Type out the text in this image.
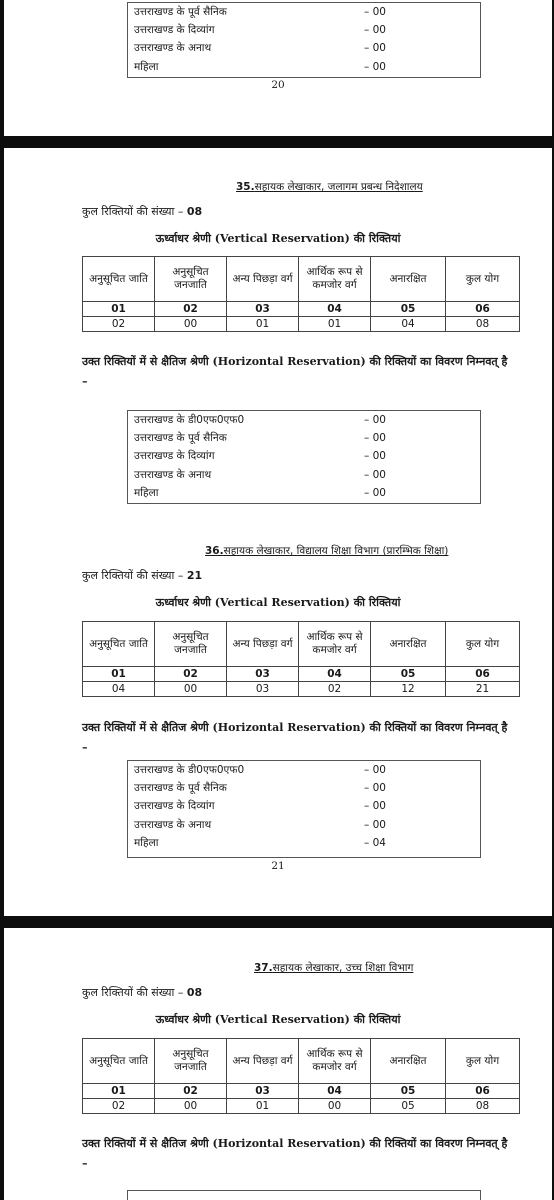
उत्तराखण्ड के पूर्व सैनिक	– 00
उत्तराखण्ड के दिव्यांग	– 00
उत्तराखण्ड के अनाथ	– 00
महिला	– 00
20
35.सहायक लेखाकार, जलागम प्रबन्ध निदेशालय
कुल रिक्तियों की संख्या – 08
ऊर्ध्वाधर श्रेणी (Vertical Reservation) की रिक्तियां
अनुसूचित जाति	अनुसूचित जनजाति	अन्य पिछड़ा वर्ग	आर्थिक रूप से कमजोर वर्ग	अनारक्षित	कुल योग
01	02	03	04	05	06
02	00	01	01	04	08
उक्त रिक्तियों में से क्षैतिज श्रेणी (Horizontal Reservation) की रिक्तियों का विवरण निम्नवत् है –
उत्तराखण्ड के डी0एफ0एफ0	– 00
उत्तराखण्ड के पूर्व सैनिक	– 00
उत्तराखण्ड के दिव्यांग	– 00
उत्तराखण्ड के अनाथ	– 00
महिला	– 00
36.सहायक लेखाकार, विद्यालय शिक्षा विभाग (प्रारम्भिक शिक्षा)
कुल रिक्तियों की संख्या – 21
ऊर्ध्वाधर श्रेणी (Vertical Reservation) की रिक्तियां
अनुसूचित जाति	अनुसूचित जनजाति	अन्य पिछड़ा वर्ग	आर्थिक रूप से कमजोर वर्ग	अनारक्षित	कुल योग
01	02	03	04	05	06
04	00	03	02	12	21
उक्त रिक्तियों में से क्षैतिज श्रेणी (Horizontal Reservation) की रिक्तियों का विवरण निम्नवत् है –
उत्तराखण्ड के डी0एफ0एफ0	– 00
उत्तराखण्ड के पूर्व सैनिक	– 00
उत्तराखण्ड के दिव्यांग	– 00
उत्तराखण्ड के अनाथ	– 00
महिला	– 04
21
37.सहायक लेखाकार, उच्च शिक्षा विभाग
कुल रिक्तियों की संख्या – 08
ऊर्ध्वाधर श्रेणी (Vertical Reservation) की रिक्तियां
अनुसूचित जाति	अनुसूचित जनजाति	अन्य पिछड़ा वर्ग	आर्थिक रूप से कमजोर वर्ग	अनारक्षित	कुल योग
01	02	03	04	05	06
02	00	01	00	05	08
उक्त रिक्तियों में से क्षैतिज श्रेणी (Horizontal Reservation) की रिक्तियों का विवरण निम्नवत् है –
